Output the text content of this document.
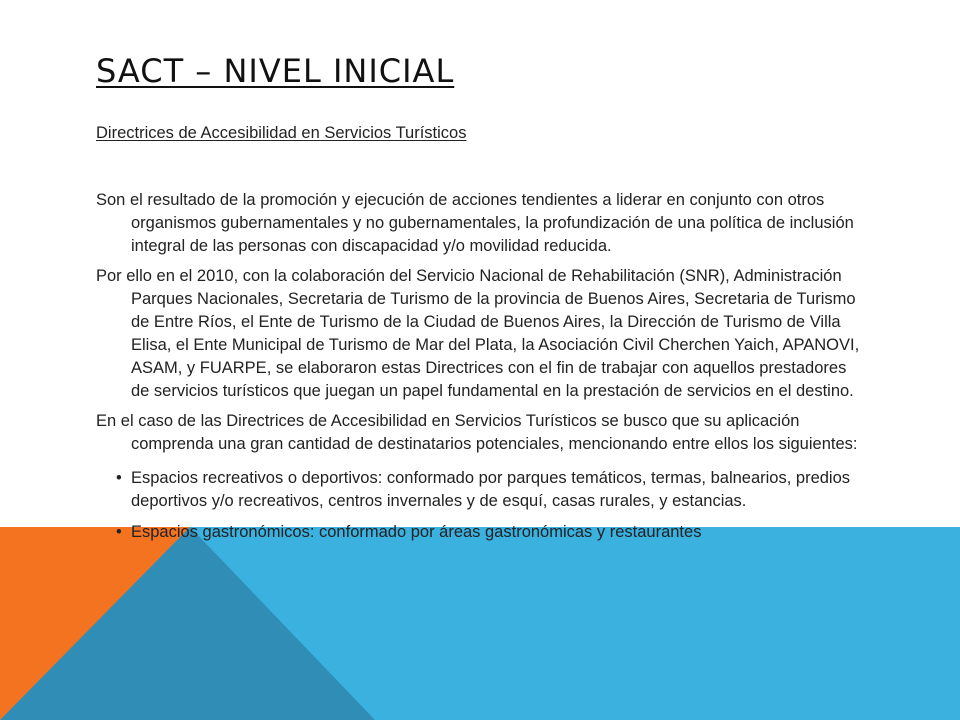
SACT – NIVEL INICIAL

Directrices de Accesibilidad en Servicios Turísticos

Son el resultado de la promoción y ejecución de acciones tendientes a liderar en conjunto con otros organismos gubernamentales y no gubernamentales, la profundización de una política de inclusión integral de las personas con discapacidad y/o movilidad reducida.

Por ello en el 2010, con la colaboración del Servicio Nacional de Rehabilitación (SNR), Administración Parques Nacionales, Secretaria de Turismo de la provincia de Buenos Aires, Secretaria de Turismo de Entre Ríos, el Ente de Turismo de la Ciudad de Buenos Aires, la Dirección de Turismo de Villa Elisa, el Ente Municipal de Turismo de Mar del Plata, la Asociación Civil Cherchen Yaich, APANOVI, ASAM, y FUARPE, se elaboraron estas Directrices con el fin de trabajar con aquellos prestadores de servicios turísticos que juegan un papel fundamental en la prestación de servicios en el destino.

En el caso de las Directrices de Accesibilidad en Servicios Turísticos se busco que su aplicación comprenda una gran cantidad de destinatarios potenciales, mencionando entre ellos los siguientes:

• Espacios recreativos o deportivos: conformado por parques temáticos, termas, balnearios, predios deportivos y/o recreativos, centros invernales y de esquí, casas rurales, y estancias.
• Espacios gastronómicos: conformado por áreas gastronómicas y restaurantes
